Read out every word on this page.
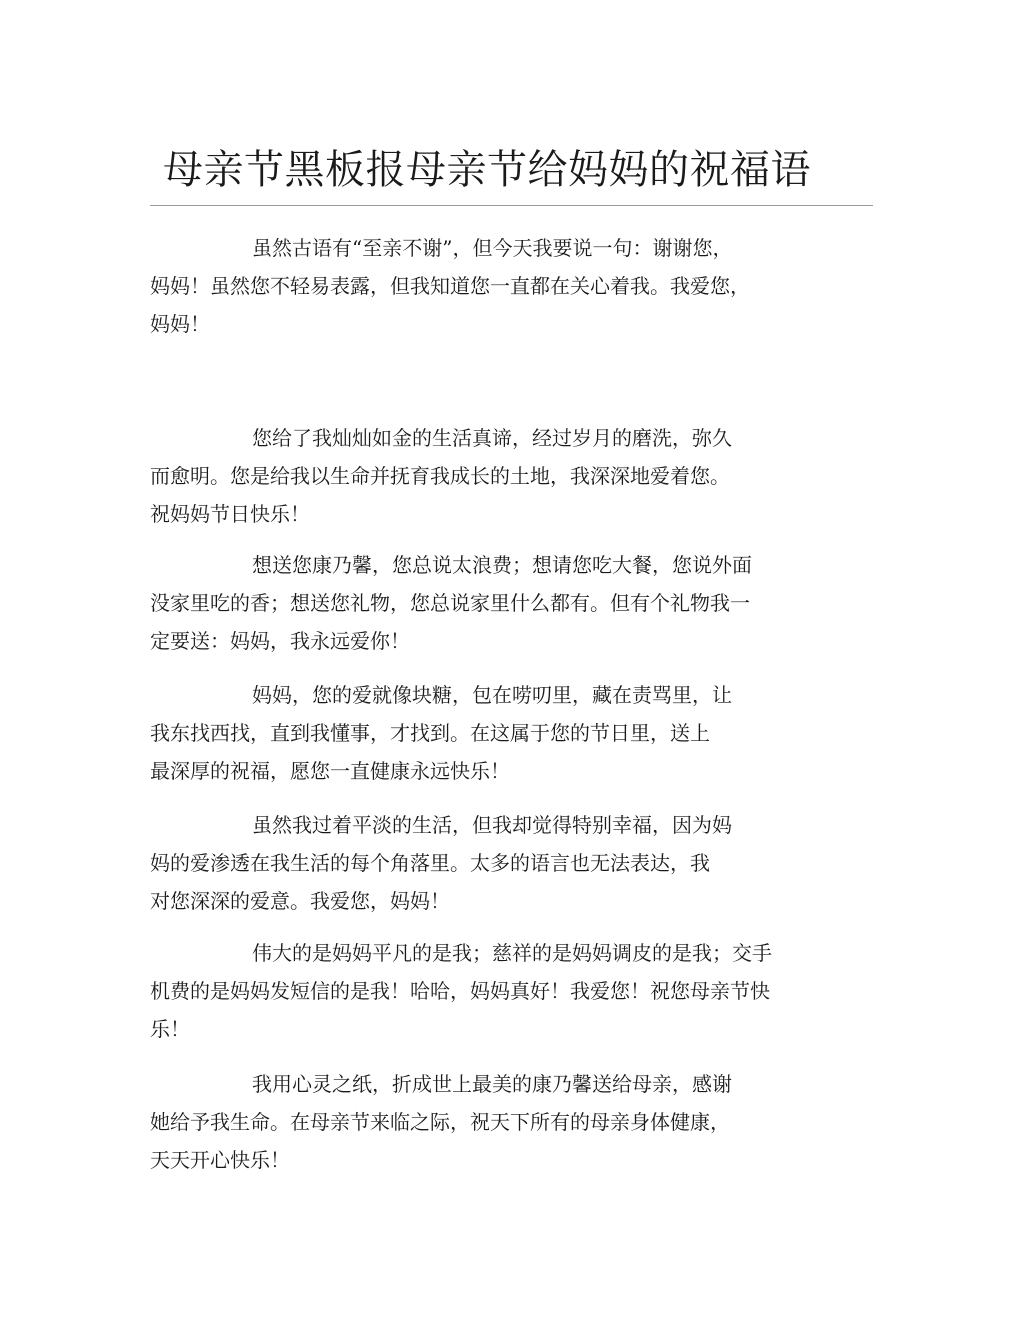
母亲节黑板报母亲节给妈妈的祝福语
虽然古语有“至亲不谢”，但今天我要说一句：谢谢您，
妈妈！虽然您不轻易表露，但我知道您一直都在关心着我。我爱您，
妈妈！
您给了我灿灿如金的生活真谛，经过岁月的磨洗，弥久
而愈明。您是给我以生命并抚育我成长的土地，我深深地爱着您。
祝妈妈节日快乐！
想送您康乃馨，您总说太浪费；想请您吃大餐，您说外面
没家里吃的香；想送您礼物，您总说家里什么都有。但有个礼物我一
定要送：妈妈，我永远爱你！
妈妈，您的爱就像块糖，包在唠叨里，藏在责骂里，让
我东找西找，直到我懂事，才找到。在这属于您的节日里，送上
最深厚的祝福，愿您一直健康永远快乐！
虽然我过着平淡的生活，但我却觉得特别幸福，因为妈
妈的爱渗透在我生活的每个角落里。太多的语言也无法表达，我
对您深深的爱意。我爱您，妈妈！
伟大的是妈妈平凡的是我；慈祥的是妈妈调皮的是我；交手
机费的是妈妈发短信的是我！哈哈，妈妈真好！我爱您！祝您母亲节快
乐！
我用心灵之纸，折成世上最美的康乃馨送给母亲，感谢
她给予我生命。在母亲节来临之际，祝天下所有的母亲身体健康，
天天开心快乐！
